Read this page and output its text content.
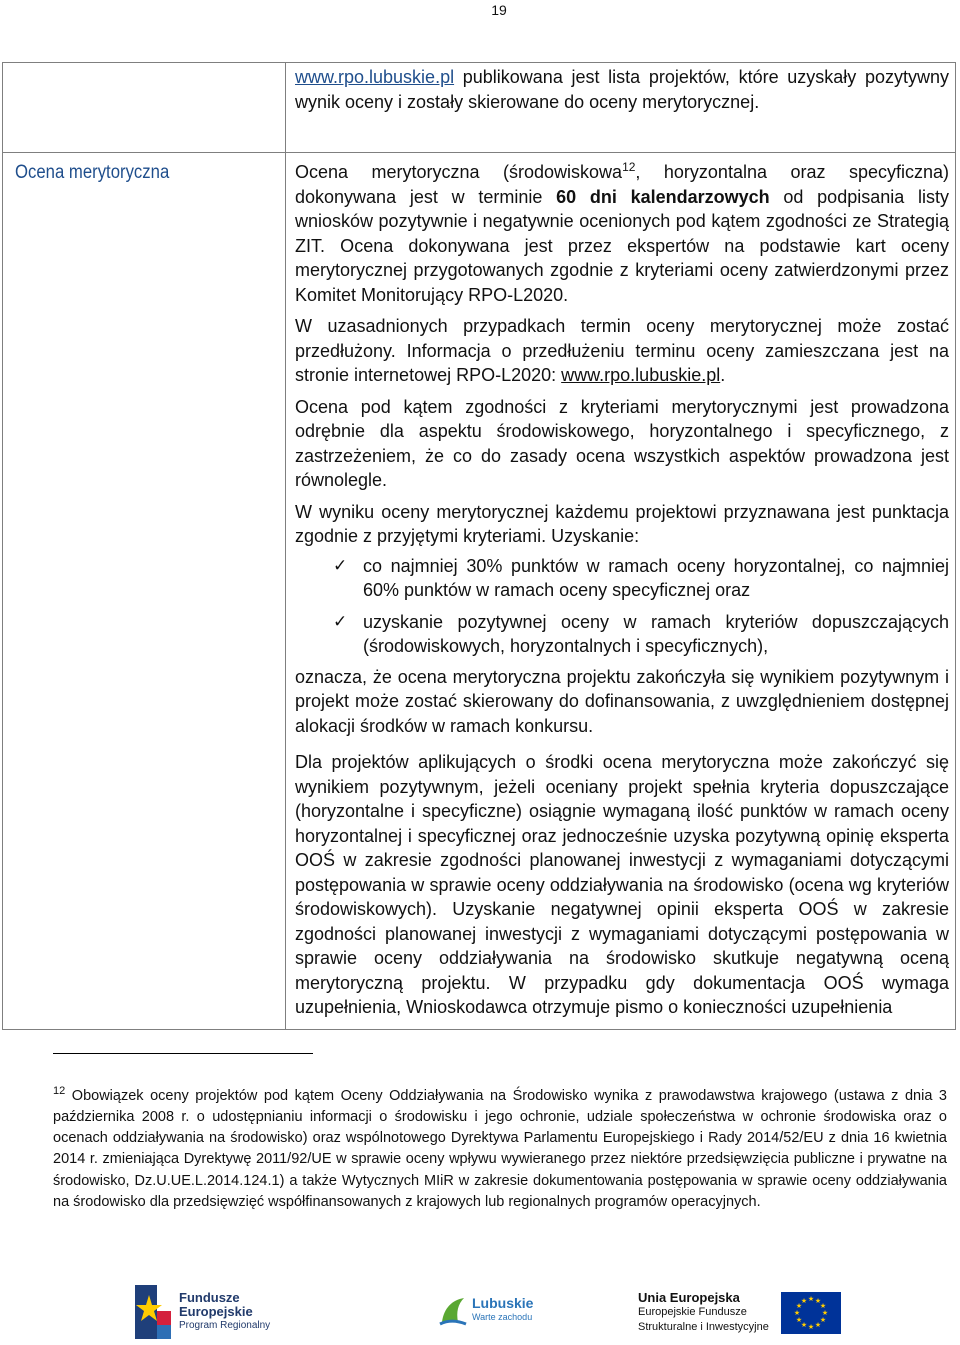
19

www.rpo.lubuskie.pl publikowana jest lista projektów, które uzyskały pozytywny wynik oceny i zostały skierowane do oceny merytorycznej.

Ocena merytoryczna	Ocena merytoryczna (środowiskowa$^{12}$, horyzontalna oraz specyficzna) dokonywana jest w terminie 60 dni kalendarzowych od podpisania listy wniosków pozytywnie i negatywnie ocenionych pod kątem zgodności ze Strategią ZIT. Ocena dokonywana jest przez ekspertów na podstawie kart oceny merytorycznej przygotowanych zgodnie z kryteriami oceny zatwierdzonymi przez Komitet Monitorujący RPO-L2020.

W uzasadnionych przypadkach termin oceny merytorycznej może zostać przedłużony. Informacja o przedłużeniu terminu oceny zamieszczana jest na stronie internetowej RPO-L2020: www.rpo.lubuskie.pl.

Ocena pod kątem zgodności z kryteriami merytorycznymi jest prowadzona odrębnie dla aspektu środowiskowego, horyzontalnego i specyficznego, z zastrzeżeniem, że co do zasady ocena wszystkich aspektów prowadzona jest równolegle.

W wyniku oceny merytorycznej każdemu projektowi przyznawana jest punktacja zgodnie z przyjętymi kryteriami. Uzyskanie:

✓ co najmniej 30% punktów w ramach oceny horyzontalnej, co najmniej 60% punktów w ramach oceny specyficznej oraz

✓ uzyskanie pozytywnej oceny w ramach kryteriów dopuszczających (środowiskowych, horyzontalnych i specyficznych),

oznacza, że ocena merytoryczna projektu zakończyła się wynikiem pozytywnym i projekt może zostać skierowany do dofinansowania, z uwzględnieniem dostępnej alokacji środków w ramach konkursu.

Dla projektów aplikujących o środki ocena merytoryczna może zakończyć się wynikiem pozytywnym, jeżeli oceniany projekt spełnia kryteria dopuszczające (horyzontalne i specyficzne) osiągnie wymaganą ilość punktów w ramach oceny horyzontalnej i specyficznej oraz jednocześnie uzyska pozytywną opinię eksperta OOŚ w zakresie zgodności planowanej inwestycji z wymaganiami dotyczącymi postępowania w sprawie oceny oddziaływania na środowisko (ocena wg kryteriów środowiskowych). Uzyskanie negatywnej opinii eksperta OOŚ w zakresie zgodności planowanej inwestycji z wymaganiami dotyczącymi postępowania w sprawie oceny oddziaływania na środowisko skutkuje negatywną oceną merytoryczną projektu. W przypadku gdy dokumentacja OOŚ wymaga uzupełnienia, Wnioskodawca otrzymuje pismo o konieczności uzupełnienia

$^{12}$ Obowiązek oceny projektów pod kątem Oceny Oddziaływania na Środowisko wynika z prawodawstwa krajowego (ustawa z dnia 3 października 2008 r. o udostępnianiu informacji o środowisku i jego ochronie, udziale społeczeństwa w ochronie środowiska oraz o ocenach oddziaływania na środowisko) oraz wspólnotowego Dyrektywa Parlamentu Europejskiego i Rady 2014/52/EU z dnia 16 kwietnia 2014 r. zmieniająca Dyrektywę 2011/92/UE w sprawie oceny wpływu wywieranego przez niektóre przedsięwzięcia publiczne i prywatne na środowisko, Dz.U.UE.L.2014.124.1) a także Wytycznych MIiR w zakresie dokumentowania postępowania w sprawie oceny oddziaływania na środowisko dla przedsięwzięć współfinansowanych z krajowych lub regionalnych programów operacyjnych.
Fundusze
Europejskie
Program Regionalny
Lubuskie
Warte zachodu
Unia Europejska
Europejskie Fundusze
Strukturalne i Inwestycyjne
★ ★
★
★
★
★
★
★
★
★
★
★
